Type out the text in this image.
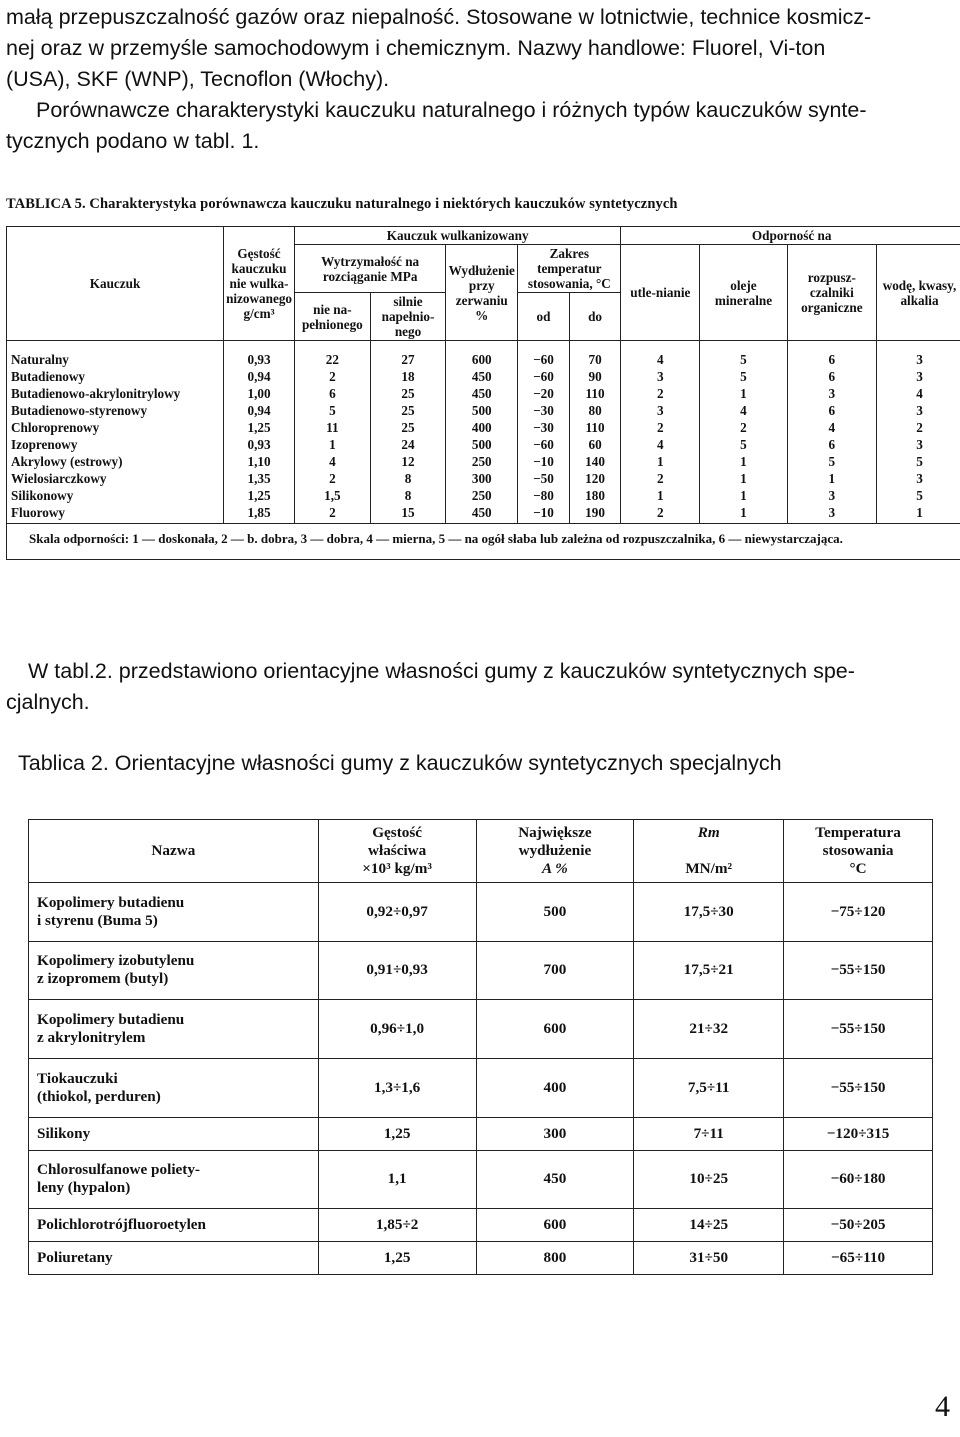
małą przepuszczalność gazów oraz niepalność. Stosowane w lotnictwie, technice kosmicz-
nej oraz w przemyśle samochodowym i chemicznym. Nazwy handlowe: Fluorel, Vi-ton
(USA), SKF (WNP), Tecnoflon (Włochy).

Porównawcze charakterystyki kauczuku naturalnego i różnych typów kauczuków synte-
tycznych podano w tabl. 1.

TABLICA 5. Charakterystyka porównawcza kauczuku naturalnego i niektórych kauczuków syntetycznych
Kauczuk	Gęstość kauczuku nie wulka-nizowanego g/cm³	Kauczuk wulkanizowany					Odporność na			
		Wytrzymałość na rozciąganie MPa		Wydłużenie przy zerwaniu %	Zakres temperatur stosowania, °C		utle-nianie	oleje mineralne	rozpusz-czalniki organiczne	wodę, kwasy, alkalia
		nie na-pełnionego	silnie napełnio-nego		od	do				
Naturalny	0,93	22	27	600	−60	70	4	5	6	3
Butadienowy	0,94	2	18	450	−60	90	3	5	6	3
Butadienowo-akrylonitrylowy	1,00	6	25	450	−20	110	2	1	3	4
Butadienowo-styrenowy	0,94	5	25	500	−30	80	3	4	6	3
Chloroprenowy	1,25	11	25	400	−30	110	2	2	4	2
Izoprenowy	0,93	1	24	500	−60	60	4	5	6	3
Akrylowy (estrowy)	1,10	4	12	250	−10	140	1	1	5	5
Wielosiarczkowy	1,35	2	8	300	−50	120	2	1	1	3
Silikonowy	1,25	1,5	8	250	−80	180	1	1	3	5
Fluorowy	1,85	2	15	450	−10	190	2	1	3	1
Skala odporności: 1 — doskonała, 2 — b. dobra, 3 — dobra, 4 — mierna, 5 — na ogół słaba lub zależna od rozpuszczalnika, 6 — niewystarczająca.										

W tabl.2. przedstawiono orientacyjne własności gumy z kauczuków syntetycznych spe-
cjalnych.

Tablica 2. Orientacyjne własności gumy z kauczuków syntetycznych specjalnych
Nazwa	Gęstość
właściwa
×10³ kg/m³	Największe
wydłużenie
A %	Rm

MN/m²	Temperatura
stosowania
°C
Kopolimery butadienu
i styrenu (Buma 5)	0,92÷0,97	500	17,5÷30	−75÷120
Kopolimery izobutylenu
z izopromem (butyl)	0,91÷0,93	700	17,5÷21	−55÷150
Kopolimery butadienu
z akrylonitrylem	0,96÷1,0	600	21÷32	−55÷150
Tiokauczuki
(thiokol, perduren)	1,3÷1,6	400	7,5÷11	−55÷150
Silikony	1,25	300	7÷11	−120÷315
Chlorosulfanowe poliety-
leny (hypalon)	1,1	450	10÷25	−60÷180
Polichlorotrójfluoroetylen	1,85÷2	600	14÷25	−50÷205
Poliuretany	1,25	800	31÷50	−65÷110
4
